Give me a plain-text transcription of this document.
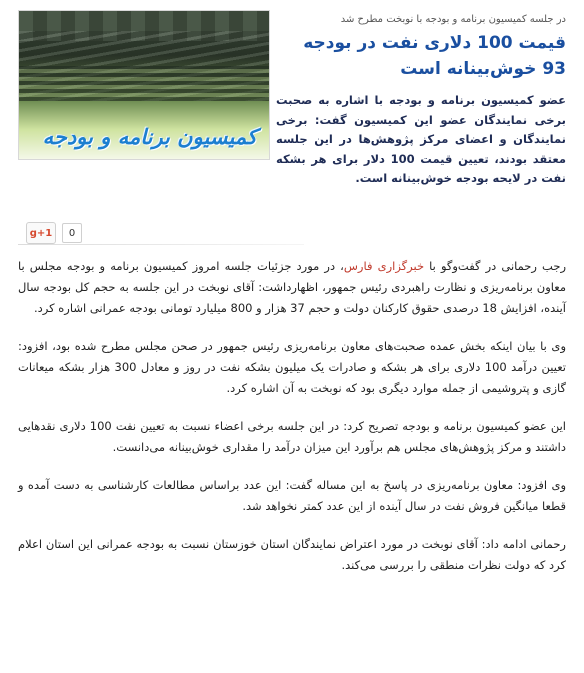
کمیسیون برنامه و بودجه
در جلسه کمیسیون برنامه و بودجه با نوبخت مطرح شد
قیمت 100 دلاری نفت در بودجه 93 خوش‌بینانه است

عضو کمیسیون برنامه و بودجه با اشاره به صحبت برخی نمایندگان عضو این کمیسیون گفت: برخی نمایندگان و اعضای مرکز پژوهش‌ها در این جلسه معتقد بودند، تعیین قیمت 100 دلار برای هر بشکه نفت در لایحه بودجه خوش‌بینانه است.

g+1	0

رجب رحمانی در گفت‌وگو با خبرگزاری فارس، در مورد جزئیات جلسه امروز کمیسیون برنامه و بودجه مجلس با معاون برنامه‌ریزی و نظارت راهبردی رئیس جمهور، اظهارداشت: آقای نوبخت در این جلسه به حجم کل بودجه سال آینده، افزایش 18 درصدی حقوق کارکنان دولت و حجم 37 هزار و 800 میلیارد تومانی بودجه عمرانی اشاره کرد.

وی با بیان اینکه بخش عمده صحبت‌های معاون برنامه‌ریزی رئیس جمهور در صحن مجلس مطرح شده بود، افزود: تعیین درآمد 100 دلاری برای هر بشکه و صادرات یک میلیون بشکه نفت در روز و معادل 300 هزار بشکه میعانات گازی و پتروشیمی از جمله موارد دیگری بود که نوبخت به آن اشاره کرد.

این عضو کمیسیون برنامه و بودجه تصریح کرد: در این جلسه برخی اعضاء نسبت به تعیین نفت 100 دلاری نقدهایی داشتند و مرکز پژوهش‌های مجلس هم برآورد این میزان درآمد را مقداری خوش‌بینانه می‌دانست.

وی افزود: معاون برنامه‌ریزی در پاسخ به این مساله گفت: این عدد براساس مطالعات کارشناسی به دست آمده و قطعا میانگین فروش نفت در سال آینده از این عدد کمتر نخواهد شد.

رحمانی ادامه داد: آقای نوبخت در مورد اعتراض نمایندگان استان خوزستان نسبت به بودجه عمرانی این استان اعلام کرد که دولت نظرات منطقی را بررسی می‌کند.
